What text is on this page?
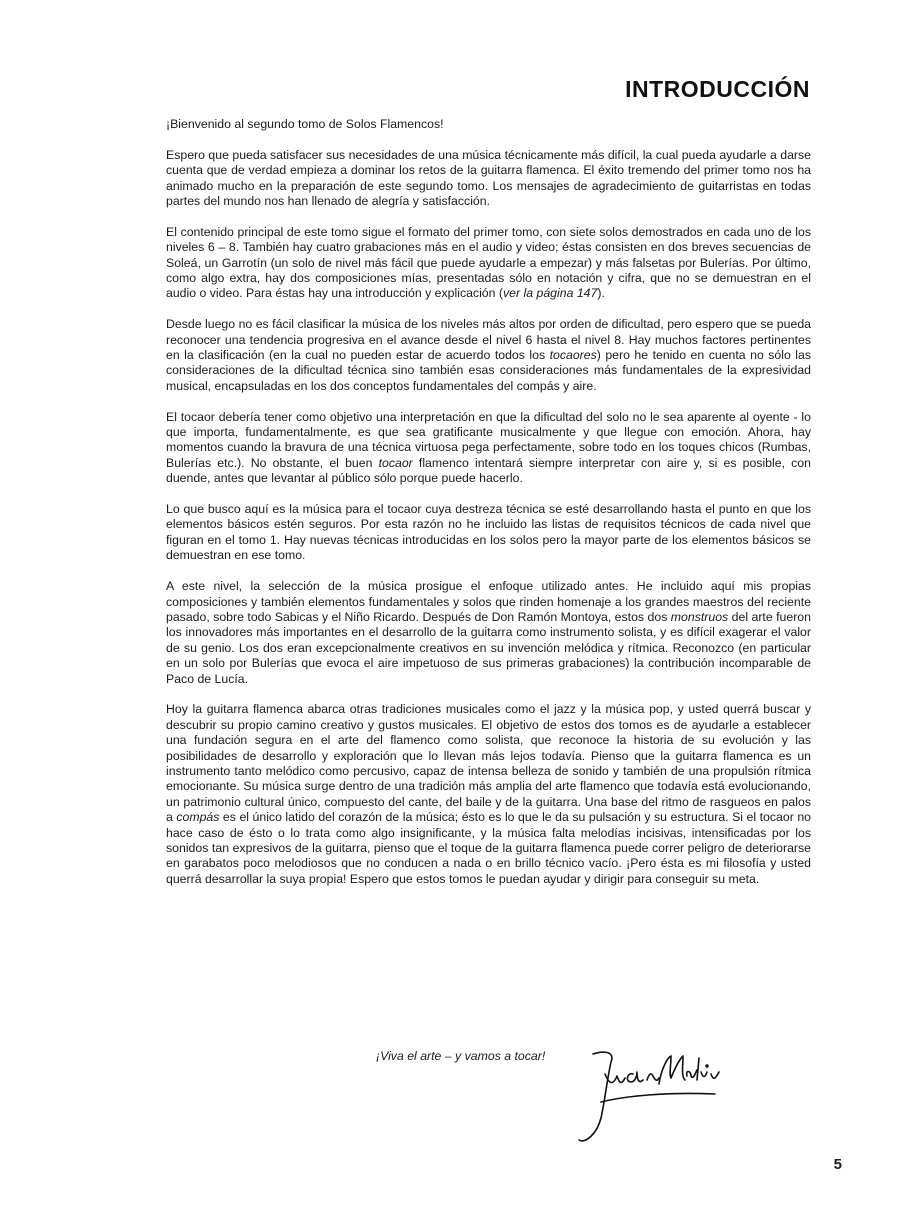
INTRODUCCIÓN

¡Bienvenido al segundo tomo de Solos Flamencos!

Espero que pueda satisfacer sus necesidades de una música técnicamente más difícil, la cual pueda ayudarle a darse cuenta que de verdad empieza a dominar los retos de la guitarra flamenca. El éxito tremendo del primer tomo nos ha animado mucho en la preparación de este segundo tomo. Los mensajes de agradecimiento de guitarristas en todas partes del mundo nos han llenado de alegría y satisfacción.

El contenido principal de este tomo sigue el formato del primer tomo, con siete solos demostrados en cada uno de los niveles 6 – 8. También hay cuatro grabaciones más en el audio y video; éstas consisten en dos breves secuencias de Soleá, un Garrotín (un solo de nivel más fácil que puede ayudarle a empezar) y más falsetas por Bulerías. Por último, como algo extra, hay dos composiciones mías, presentadas sólo en notación y cifra, que no se demuestran en el audio o video. Para éstas hay una introducción y explicación (ver la página 147).

Desde luego no es fácil clasificar la música de los niveles más altos por orden de dificultad, pero espero que se pueda reconocer una tendencia progresiva en el avance desde el nivel 6 hasta el nivel 8. Hay muchos factores pertinentes en la clasificación (en la cual no pueden estar de acuerdo todos los tocaores) pero he tenido en cuenta no sólo las consideraciones de la dificultad técnica sino también esas consideraciones más fundamentales de la expresividad musical, encapsuladas en los dos conceptos fundamentales del compás y aire.

El tocaor debería tener como objetivo una interpretación en que la dificultad del solo no le sea aparente al oyente - lo que importa, fundamentalmente, es que sea gratificante musicalmente y que llegue con emoción. Ahora, hay momentos cuando la bravura de una técnica virtuosa pega perfectamente, sobre todo en los toques chicos (Rumbas, Bulerías etc.). No obstante, el buen tocaor flamenco intentará siempre interpretar con aire y, si es posible, con duende, antes que levantar al público sólo porque puede hacerlo.

Lo que busco aquí es la música para el tocaor cuya destreza técnica se esté desarrollando hasta el punto en que los elementos básicos estén seguros. Por esta razón no he incluido las listas de requisitos técnicos de cada nivel que figuran en el tomo 1. Hay nuevas técnicas introducidas en los solos pero la mayor parte de los elementos básicos se demuestran en ese tomo.

A este nivel, la selección de la música prosigue el enfoque utilizado antes. He incluido aquí mis propias composiciones y también elementos fundamentales y solos que rinden homenaje a los grandes maestros del reciente pasado, sobre todo Sabicas y el Niño Ricardo. Después de Don Ramón Montoya, estos dos monstruos del arte fueron los innovadores más importantes en el desarrollo de la guitarra como instrumento solista, y es difícil exagerar el valor de su genio. Los dos eran excepcionalmente creativos en su invención melódica y rítmica. Reconozco (en particular en un solo por Bulerías que evoca el aire impetuoso de sus primeras grabaciones) la contribución incomparable de Paco de Lucía.

Hoy la guitarra flamenca abarca otras tradiciones musicales como el jazz y la música pop, y usted querrá buscar y descubrir su propio camino creativo y gustos musicales. El objetivo de estos dos tomos es de ayudarle a establecer una fundación segura en el arte del flamenco como solista, que reconoce la historia de su evolución y las posibilidades de desarrollo y exploración que lo llevan más lejos todavía. Pienso que la guitarra flamenca es un instrumento tanto melódico como percusivo, capaz de intensa belleza de sonido y también de una propulsión rítmica emocionante. Su música surge dentro de una tradición más amplia del arte flamenco que todavía está evolucionando, un patrimonio cultural único, compuesto del cante, del baile y de la guitarra. Una base del ritmo de rasgueos en palos a compás es el único latido del corazón de la música; ésto es lo que le da su pulsación y su estructura. Si el tocaor no hace caso de ésto o lo trata como algo insignificante, y la música falta melodías incisivas, intensificadas por los sonidos tan expresivos de la guitarra, pienso que el toque de la guitarra flamenca puede correr peligro de deteriorarse en garabatos poco melodiosos que no conducen a nada o en brillo técnico vacío. ¡Pero ésta es mi filosofía y usted querrá desarrollar la suya propia! Espero que estos tomos le puedan ayudar y dirigir para conseguir su meta.

¡Viva el arte – y vamos a tocar!
5
